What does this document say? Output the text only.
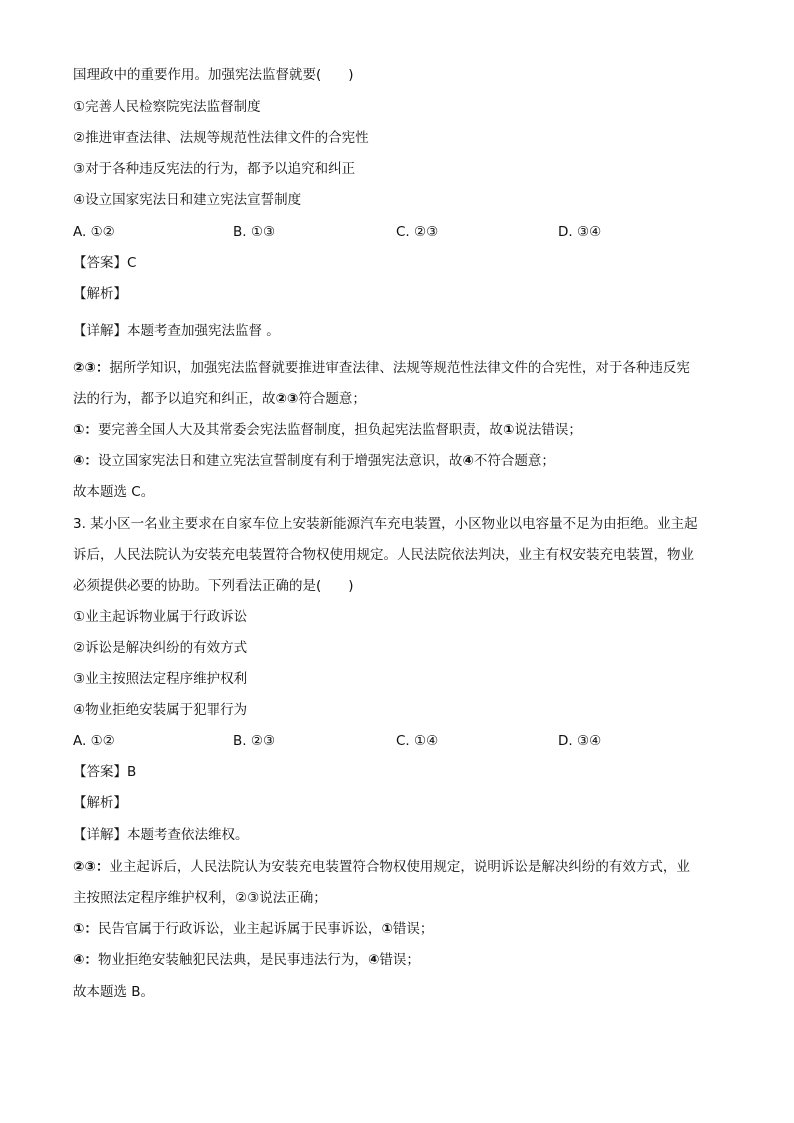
国理政中的重要作用。加强宪法监督就要(　　)
①完善人民检察院宪法监督制度
②推进审查法律、法规等规范性法律文件的合宪性
③对于各种违反宪法的行为，都予以追究和纠正
④设立国家宪法日和建立宪法宣誓制度
A. ①②	B. ①③	C. ②③	D. ③④
【答案】C
【解析】
【详解】本题考查加强宪法监督 。
②③：据所学知识，加强宪法监督就要推进审查法律、法规等规范性法律文件的合宪性，对于各种违反宪
法的行为，都予以追究和纠正，故②③符合题意；
①：要完善全国人大及其常委会宪法监督制度，担负起宪法监督职责，故①说法错误；
④：设立国家宪法日和建立宪法宣誓制度有利于增强宪法意识，故④不符合题意；
故本题选 C。
3. 某小区一名业主要求在自家车位上安装新能源汽车充电装置，小区物业以电容量不足为由拒绝。业主起
诉后，人民法院认为安装充电装置符合物权使用规定。人民法院依法判决，业主有权安装充电装置，物业
必须提供必要的协助。下列看法正确的是(　　)
①业主起诉物业属于行政诉讼
②诉讼是解决纠纷的有效方式
③业主按照法定程序维护权利
④物业拒绝安装属于犯罪行为
A. ①②	B. ②③	C. ①④	D. ③④
【答案】B
【解析】
【详解】本题考查依法维权。
②③：业主起诉后，人民法院认为安装充电装置符合物权使用规定，说明诉讼是解决纠纷的有效方式，业
主按照法定程序维护权利，②③说法正确；
①：民告官属于行政诉讼，业主起诉属于民事诉讼，①错误；
④：物业拒绝安装触犯民法典，是民事违法行为，④错误；
故本题选 B。
